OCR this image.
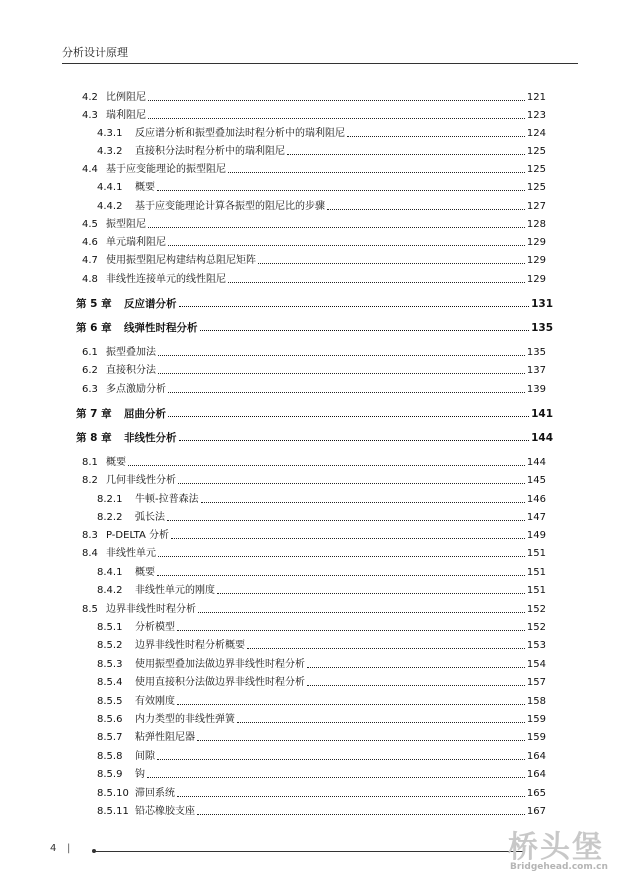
分析设计原理
4.2 比例阻尼	121
4.3 瑞利阻尼	123
4.3.1	反应谱分析和振型叠加法时程分析中的瑞利阻尼	124
4.3.2	直接积分法时程分析中的瑞利阻尼	125
4.4 基于应变能理论的振型阻尼	125
4.4.1	概要	125
4.4.2	基于应变能理论计算各振型的阻尼比的步骤	127
4.5 振型阻尼	128
4.6 单元瑞利阻尼	129
4.7 使用振型阻尼构建结构总阻尼矩阵	129
4.8 非线性连接单元的线性阻尼	129
第 5 章	反应谱分析	131
第 6 章	线弹性时程分析	135
6.1 振型叠加法	135
6.2 直接积分法	137
6.3 多点激励分析	139
第 7 章	屈曲分析	141
第 8 章	非线性分析	144
8.1 概要	144
8.2 几何非线性分析	145
8.2.1	牛顿-拉普森法	146
8.2.2	弧长法	147
8.3 P-DELTA 分析	149
8.4 非线性单元	151
8.4.1	概要	151
8.4.2	非线性单元的刚度	151
8.5 边界非线性时程分析	152
8.5.1	分析模型	152
8.5.2	边界非线性时程分析概要	153
8.5.3	使用振型叠加法做边界非线性时程分析	154
8.5.4	使用直接积分法做边界非线性时程分析	157
8.5.5	有效刚度	158
8.5.6	内力类型的非线性弹簧	159
8.5.7	粘弹性阻尼器	159
8.5.8	间隙	164
8.5.9	钩	164
8.5.10 滞回系统	165
8.5.11 铅芯橡胶支座	167
4 |	桥头堡
Bridgehead.com.cn
